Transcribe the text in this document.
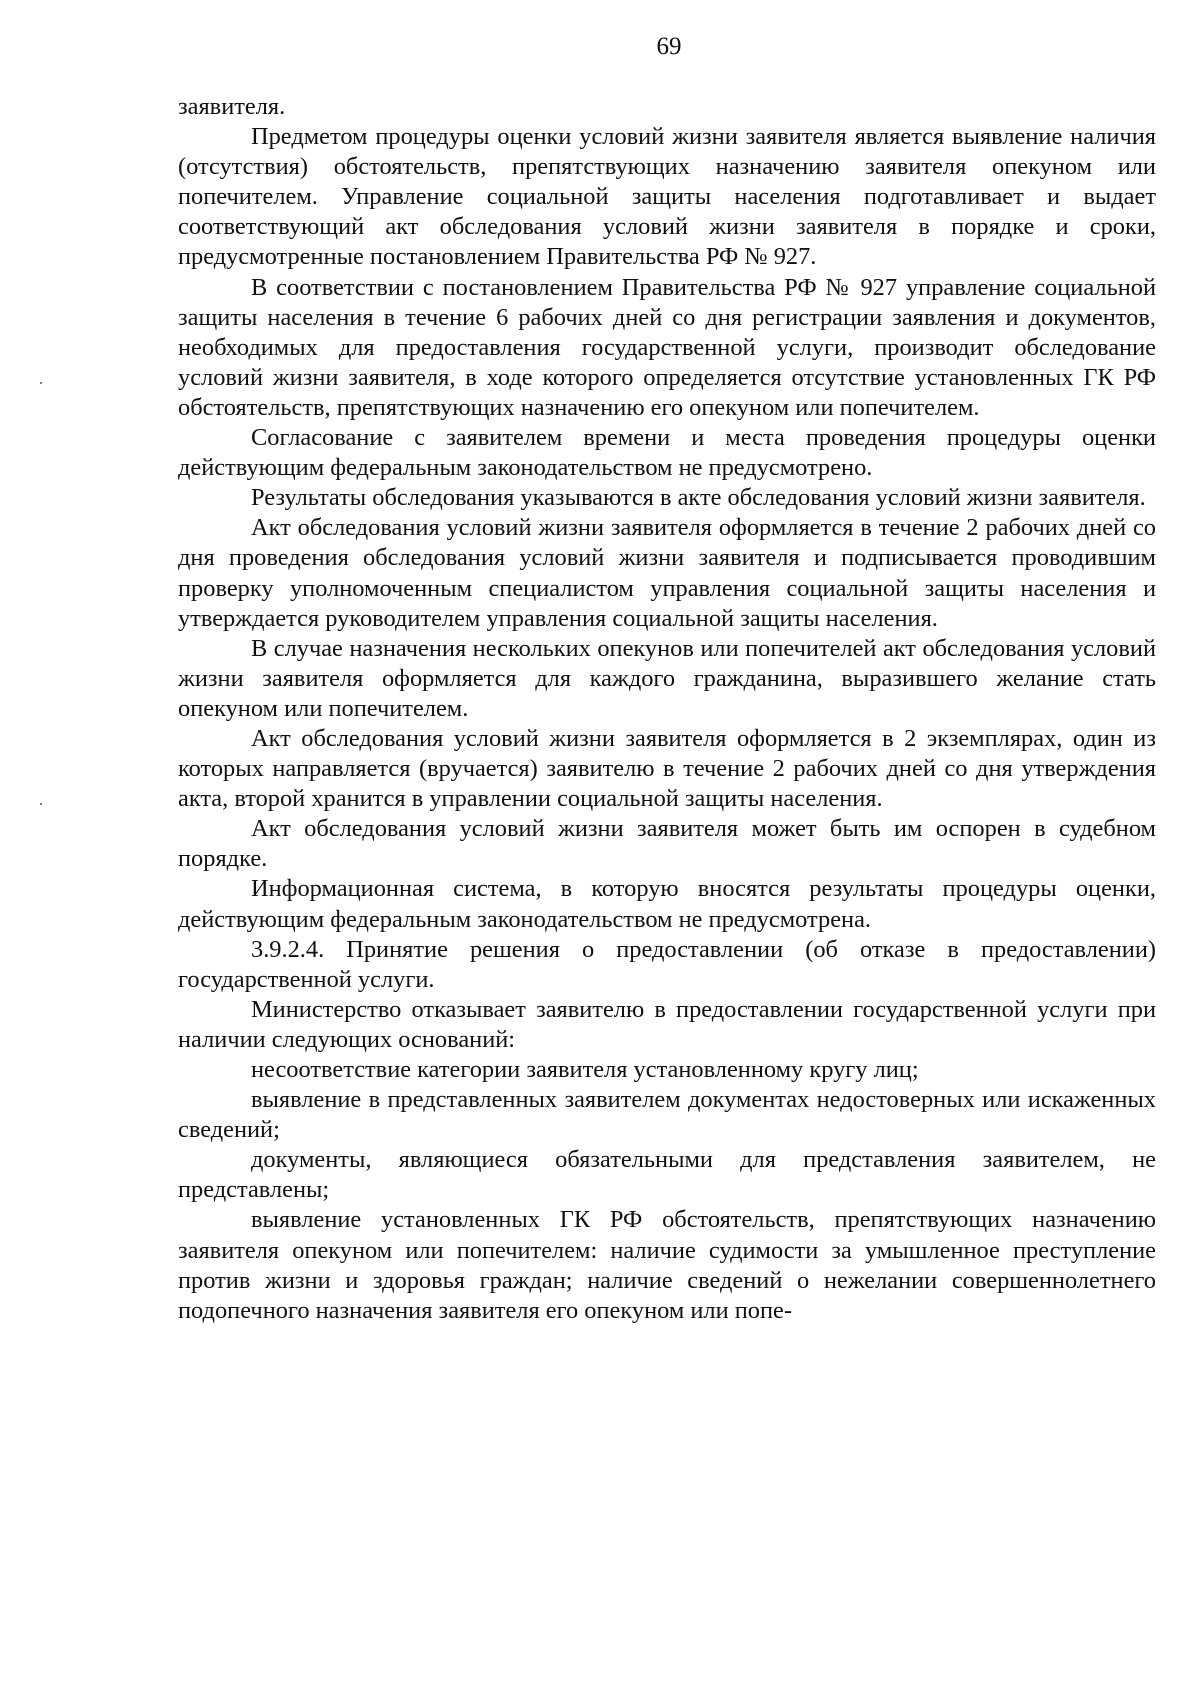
69

заявителя.

Предметом процедуры оценки условий жизни заявителя является выявление наличия (отсутствия) обстоятельств, препятствующих назначению заявителя опекуном или попечителем. Управление социальной защиты населения подготавливает и выдает соответствующий акт обследования условий жизни заявителя в порядке и сроки, предусмотренные постановлением Правительства РФ № 927.

В соответствии с постановлением Правительства РФ № 927 управление социальной защиты населения в течение 6 рабочих дней со дня регистрации заявления и документов, необходимых для предоставления государственной услуги, производит обследование условий жизни заявителя, в ходе которого определяется отсутствие установленных ГК РФ обстоятельств, препятствующих назначению его опекуном или попечителем.

Согласование с заявителем времени и места проведения процедуры оценки действующим федеральным законодательством не предусмотрено.

Результаты обследования указываются в акте обследования условий жизни заявителя.

Акт обследования условий жизни заявителя оформляется в течение 2 рабочих дней со дня проведения обследования условий жизни заявителя и подписывается проводившим проверку уполномоченным специалистом управления социальной защиты населения и утверждается руководителем управления социальной защиты населения.

В случае назначения нескольких опекунов или попечителей акт обследования условий жизни заявителя оформляется для каждого гражданина, выразившего желание стать опекуном или попечителем.

Акт обследования условий жизни заявителя оформляется в 2 экземплярах, один из которых направляется (вручается) заявителю в течение 2 рабочих дней со дня утверждения акта, второй хранится в управлении социальной защиты населения.

Акт обследования условий жизни заявителя может быть им оспорен в судебном порядке.

Информационная система, в которую вносятся результаты процедуры оценки, действующим федеральным законодательством не предусмотрена.

3.9.2.4. Принятие решения о предоставлении (об отказе в предоставлении) государственной услуги.

Министерство отказывает заявителю в предоставлении государственной услуги при наличии следующих оснований:

несоответствие категории заявителя установленному кругу лиц;

выявление в представленных заявителем документах недостоверных или искаженных сведений;

документы, являющиеся обязательными для представления заявителем, не представлены;

выявление установленных ГК РФ обстоятельств, препятствующих назначению заявителя опекуном или попечителем: наличие судимости за умышленное преступление против жизни и здоровья граждан; наличие сведений о нежелании совершеннолетнего подопечного назначения заявителя его опекуном или попе-
